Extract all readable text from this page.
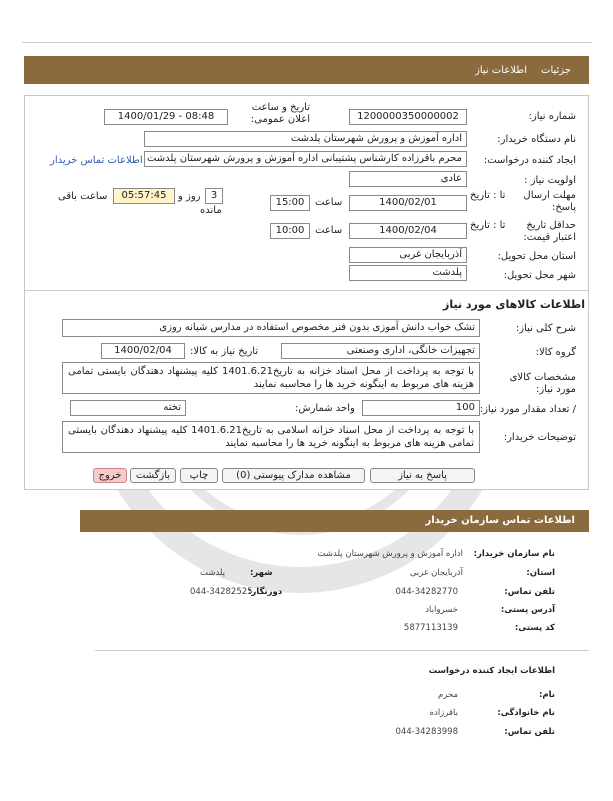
جزئیات
اطلاعات نیاز
شماره نیاز:
1200000350000002
تاریخ و ساعت اعلان عمومی:
1400/01/29 - 08:48
نام دستگاه خریدار:
اداره آموزش و پرورش شهرستان پلدشت
ایجاد کننده درخواست:
محرم باقرزاده کارشناس پشتیبانی اداره آموزش و پرورش شهرستان پلدشت
اطلاعات تماس خریدار
اولویت نیاز :
عادی
مهلت ارسال پاسخ:
تا : تاریخ
1400/02/01
ساعت
15:00
3
روز و
مانده
05:57:45
ساعت باقی
حداقل تاریخ اعتبار قیمت:
تا : تاریخ
1400/02/04
ساعت
10:00
استان محل تحویل:
آذربایجان غربی
شهر محل تحویل:
پلدشت
اطلاعات کالاهای مورد نیاز
شرح کلی نیاز:
تشک خواب دانش آموزی بدون فنر مخصوص استفاده در مدارس شبانه روزی
گروه کالا:
تجهیزات خانگی، اداری وصنعتی
تاریخ نیاز به کالا:
1400/02/04
مشخصات کالای مورد نیاز:
با توجه به پرداخت از محل اسناد خزانه به تاریخ1401.6.21 کلیه پیشنهاد دهندگان بایستی تمامی هزینه های مربوط به اینگونه خرید ها را محاسبه نمایند
/ تعداد مقدار مورد نیاز:
100
واحد شمارش:
تخته
توضیحات خریدار:
با توجه به پرداخت از محل اسناد خزانه اسلامی به تاریخ1401.6.21 کلیه پیشنهاد دهندگان بایستی تمامی هزینه های مربوط به اینگونه خرید ها را محاسبه نمایند
پاسخ به نیاز
مشاهده مدارک پیوستی (0)
چاپ
بازگشت
خروج
اطلاعات تماس سازمان خریدار
نام سازمان خریدار:
اداره آموزش و پرورش شهرستان پلدشت
استان:
آذربایجان غربی
شهر:
پلدشت
تلفن تماس:
044-34282770
دورنگار:
044-34282525
آدرس پستی:
خسرواباد
کد پستی:
5877113139
اطلاعات ایجاد کننده درخواست
نام:
محرم
نام خانوادگی:
باقرزاده
تلفن تماس:
044-34283998
